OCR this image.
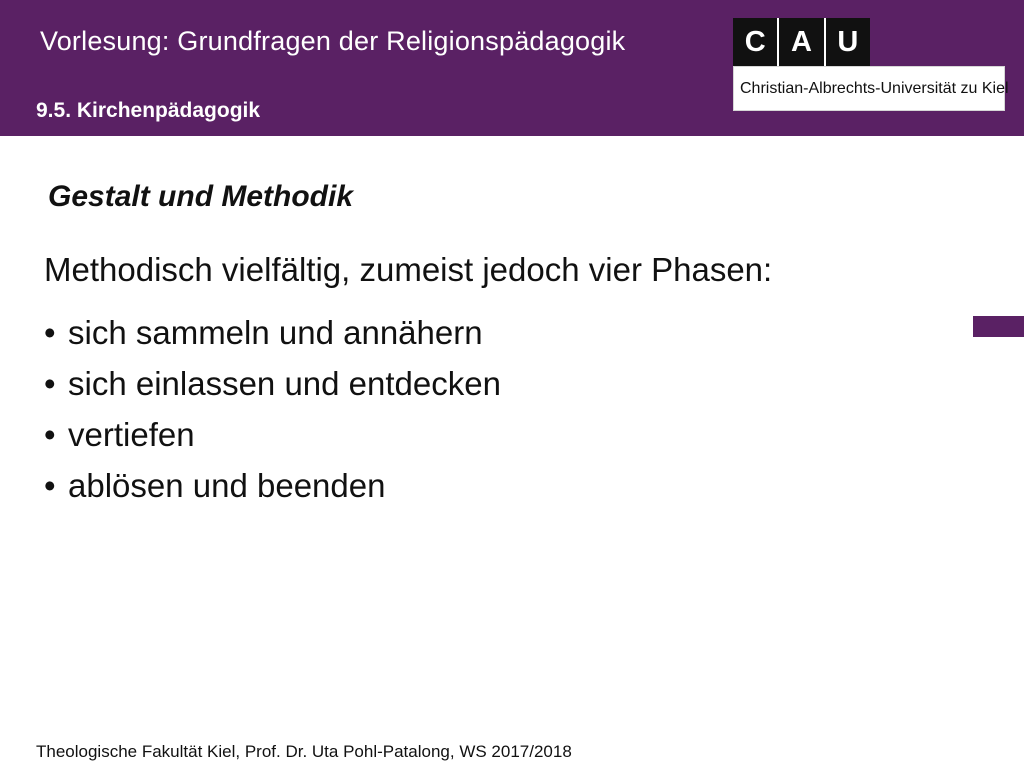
Vorlesung: Grundfragen der Religionspädagogik
9.5. Kirchenpädagogik
C A U
Christian-Albrechts-Universität zu Kiel
Gestalt und Methodik
Methodisch vielfältig, zumeist jedoch vier Phasen:
• sich sammeln und annähern
• sich einlassen und entdecken
• vertiefen
• ablösen und beenden
Theologische Fakultät Kiel, Prof. Dr. Uta Pohl-Patalong, WS 2017/2018
